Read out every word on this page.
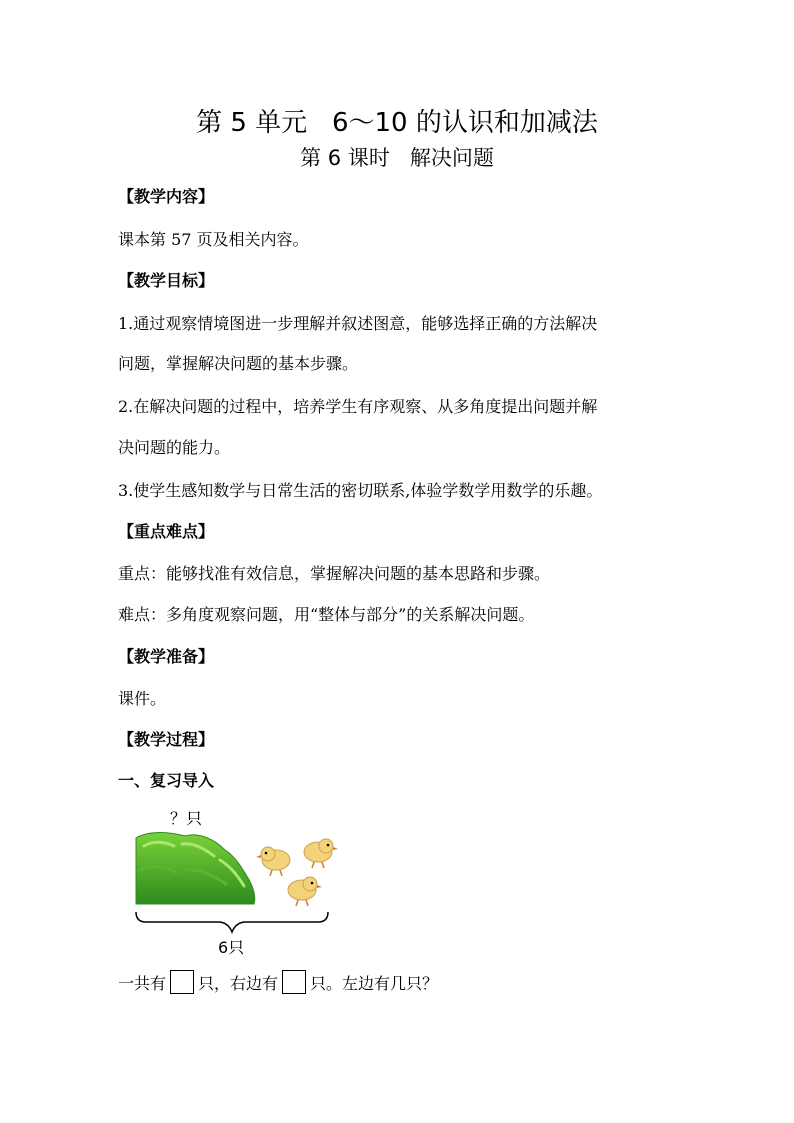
第 5 单元   6～10 的认识和加减法
第 6 课时   解决问题
【教学内容】
课本第 57 页及相关内容。
【教学目标】
1.通过观察情境图进一步理解并叙述图意，能够选择正确的方法解决
问题，掌握解决问题的基本步骤。
2.在解决问题的过程中，培养学生有序观察、从多角度提出问题并解
决问题的能力。
3.使学生感知数学与日常生活的密切联系,体验学数学用数学的乐趣。
【重点难点】
重点：能够找准有效信息，掌握解决问题的基本思路和步骤。
难点：多角度观察问题，用“整体与部分”的关系解决问题。
【教学准备】
课件。
【教学过程】
一、复习导入
？只
6只
一共有 只，右边有 只。左边有几只？
